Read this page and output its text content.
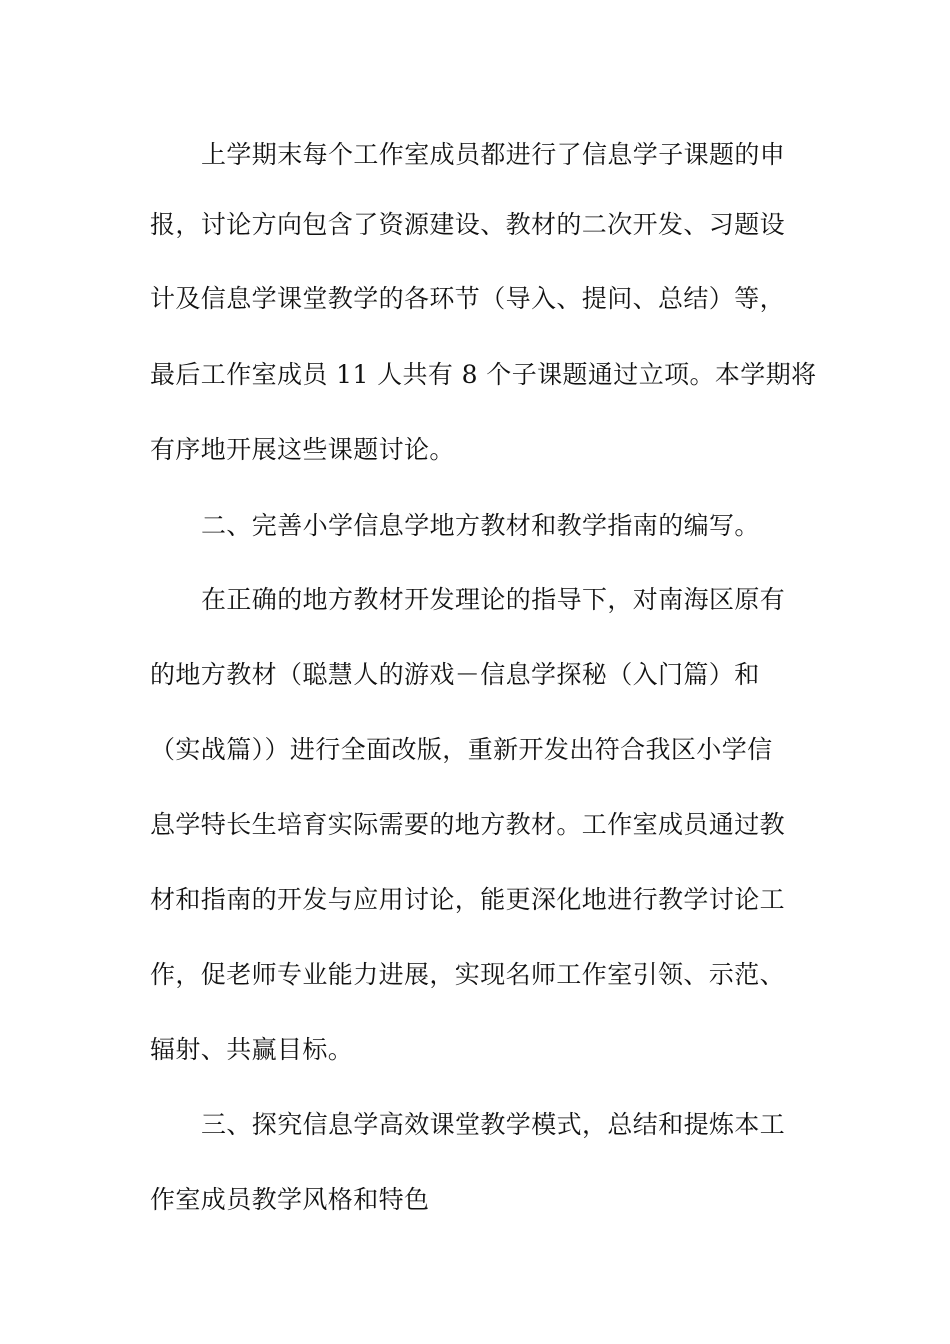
上学期末每个工作室成员都进行了信息学子课题的申
报，讨论方向包含了资源建设、教材的二次开发、习题设
计及信息学课堂教学的各环节（导入、提问、总结）等，
最后工作室成员 11 人共有 8 个子课题通过立项。本学期将
有序地开展这些课题讨论。
二、完善小学信息学地方教材和教学指南的编写。
在正确的地方教材开发理论的指导下，对南海区原有
的地方教材（聪慧人的游戏－信息学探秘（入门篇）和
（实战篇））进行全面改版，重新开发出符合我区小学信
息学特长生培育实际需要的地方教材。工作室成员通过教
材和指南的开发与应用讨论，能更深化地进行教学讨论工
作，促老师专业能力进展，实现名师工作室引领、示范、
辐射、共赢目标。
三、探究信息学高效课堂教学模式，总结和提炼本工
作室成员教学风格和特色
